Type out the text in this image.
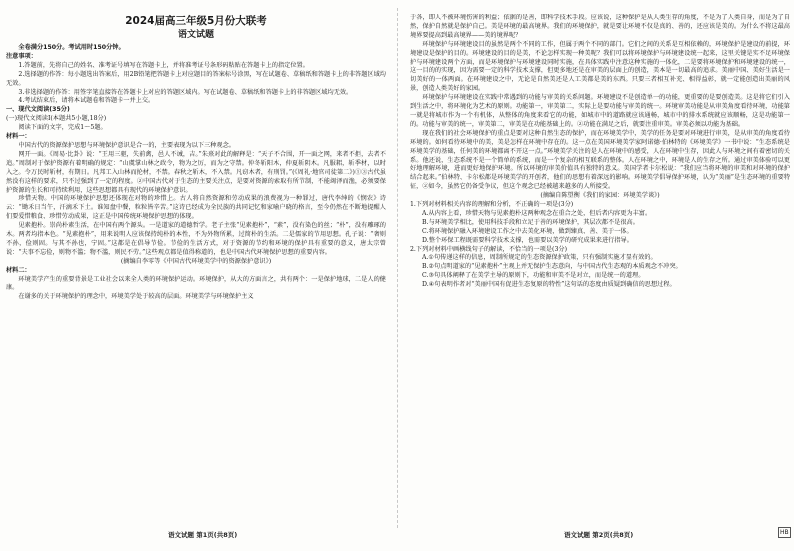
2024届高三年级5月份大联考
语文试题

全卷满分150分。考试用时150分钟。

注意事项：

1.答题前，先将自己的姓名、准考证号填写在答题卡上，并将准考证号条形码粘贴在答题卡上的指定位置。

2.选择题的作答：每小题选出答案后，用2B铅笔把答题卡上对应题目的答案标号涂黑，写在试题卷、草稿纸和答题卡上的非答题区域均无效。

3.非选择题的作答：用签字笔直接答在答题卡上对应的答题区域内。写在试题卷、草稿纸和答题卡上的非答题区域均无效。

4.考试结束后，请将本试题卷和答题卡一并上交。

一、现代文阅读(35分)

(一)现代文阅读Ⅰ(本题共5小题,18分)

阅读下面的文字，完成1～5题。

材料一：

中国古代的资源保护思想与环境保护意识是合一的，主要表现为以下三种观念。

网开一面。《周易·比卦》说：“王用三驱，失前禽，邑人不诫，吉。”朱熹对此的解释是：“天子不合围，开一面之网，来者不拒，去者不追。”周制对于保护资源有着明确的规定：“山虞掌山林之政令，物为之厉，而为之守禁。仲冬斩阳木，仲夏斩阴木。凡服耜，斩季材，以时入之。令万民时斩材，有期日。凡邦工入山林而抡材，不禁。春秋之斩木，不入禁。凡窃木者，有刑罚。”(《周礼·地官司徒第二》)①③古代虽然没有这样的要求，只不过强到了一定的程度。②中国古代对于生态的主要关注点，是要对资源的索取有所节制，不能竭泽而渔，必须要保护资源的生长和可持续利用，这些思想都具有现代的环境保护意识。

珍惜天物。中国的环境保护思想还体现在对物的珍惜上。古人将自然资源和劳动成果的浪费视为一种罪过，唐代李绅的《悯农》诗云：“锄禾日当午，汗滴禾下土。谁知盘中餐，粒粒皆辛苦。”这诗已经成为全民族的共同记忆和家喻户晓的格言，至今仍然在不断地提醒人们要爱惜粮食、珍惜劳动成果，这正是中国传统环境保护思想的体现。

见素抱朴。崇尚朴素生活，在中国有两个源头。一是道家的道德哲学。老子主张“见素抱朴”，“素”，没有染色的丝；“朴”，没有雕琢的木。两者均指本色。“见素抱朴”，用来说明人应该保持纯朴的本性，不为外物所累，过简朴的生活。二是儒家的节用思想。孔子说：“奢则不孙，俭则固。与其不孙也，宁固。”这都是在倡导节俭。节俭的生活方式，对于资源的节约和环境的保护具有重要的意义，唐太宗曾说：“夫事不忘俭，则物不滥；物不滥，则民不劳。”这些观点都是值得称道的，也是中国古代环境保护思想的重要内容。

(摘编自李零等《中国古代环境美学中的资源保护意识》)

材料二：

环境美学产生的重要背景是工业社会以来全人类的环境保护运动。环境保护，从大的方面言之，共有两个：一是保护地球，二是人的健康。

在谢多的关于环境保护的理念中，环境美学处于较高的层面。环境美学与环境保护主义

于各，即人不被环境伤害的利益；依据的是善，即科学技术手段。应该说，这种保护是从人类生存的角度，不是为了人类自身，而是为了自然，保护自然就是保护自己。美是环境的最高境界。我们的环境保护，就是要让环境不仅是真的、善的，还应该是美的。为什么不将这最高境界要提高到最高境界——美的境界呢？

环境保护与环境建设目的虽然是两个不同的工作，但属于两个不同的部门。它们之间的关系是互相依赖的，环境保护是建设的前提，环境建设是保护的目的。环境建设的目的是美，不论怎样实现一种美呢？我们可以将环境保护与环境建设统一起来，这里关键是实不足环境保护与环境建设两个方面，而是环境保护与环境建设同时实施，在具体实践中注意这种实施的一体化，二是要将环境保护和环境建设的统一，这一目的的实现，因为需要一定的科学技术支撑，但更多地还是在审美的层面上的创造，美本是一切最高的追求。美丽中国、美好生活是一切美好的一体两面。在环境建设之中，无论是自然美还是人工美都是美的东西。只要三者相互补充、相得益彰，就一定能创造出美丽的风景，创造人类美好的家园。

环境保护与环境建设在实践中常遇到的功能与审美的关系问题。环境建设不是创造单一的功能，更重要的是要创造美。这是将它们引入到生活之中，将环境化为艺术的原则。功能第一，审美第二，实际上是要功能与审美的统一。环境审美功能是从审美角度看待环境，功能第一就是将城市作为一个有机体，从整体的角度来看它的功能，如城市中的道路就应该通畅，城市中的排水系统就应该顺畅，这是功能第一的。功能与审美的统一，审美第二，审美是在功能基础上的。②功能在满足之后，就要注重审美。审美必须以功能为基础。

现在我们的社会环境保护的重点是要对这种自然生态的保护，而在环境美学中，美学的任务是要对环境进行审美，是从审美的角度看待环境的。如何看待环境中的美，美是怎样在环境中存在的。这一点在美国环境美学家阿诺德·伯林特的《环境美学》一书中说：“生态系统是环境美学的基础，任何美的环境都离不开这一点。”环境美学关注的是人在环境中的感受，人在环境中生存，因此人与环境之间有着密切的关系。他还说，生态系统不是一个简单的系统，而是一个复杂的相互联系的整体。人在环境之中，环境是人的生存之所。通过审美体验可以更好地理解环境，进而更好地保护环境。所以环境的审美价值具有独特的意义。美国学者卡尔松说：“我们应当将环境的审美和对环境的保护结合起来。”伯林特、卡尔松都是环境美学的开创者，他们的思想有着深远的影响。环境美学倡导保护环境，认为“美丽”是生态环境的重要特征，②如今，虽然它仍备受争议，但这个观念已经被越来越多的人所接受。

(摘编自陈望衡《我们的家园：环境美学谈》)

1.下列对材料相关内容的理解和分析，不正确的一项是(3分)

A.从内容上看，珍惜天物与见素抱朴这两种观念在重合之处，但后者内容更为丰富。

B.与环境美学相比，使用科技手段和立足于善的环境保护，其层次都不是很高。

C.将环境保护融入环境建设工作之中去美化环境，做到臻真、善、美于一体。

D.整个环保工程既需要科学技术支撑，也需要以美学的研究成果来进行指导。

2.下列对材料中画横线句子的解读，不恰当的一项是(3分)

A.①句传递这样的信息，周制所规定的生态资源保护政策，只有强制实施才显有效的。

B.②句点明道家的“见素抱朴”主观上并无保护生态意向，与中国古代生态观的本质观念不冲突。

C.③句具体阐释了在美学主导的原则下，功能和审美不是对立，而是统一的道理。

D.④句表明作者对“美丽中国有促进生态复原的特性”这句话的态度由质疑到确信的思想过程。

语文试题 第1页(共8页)	语文试题 第2页(共8页)	HB
